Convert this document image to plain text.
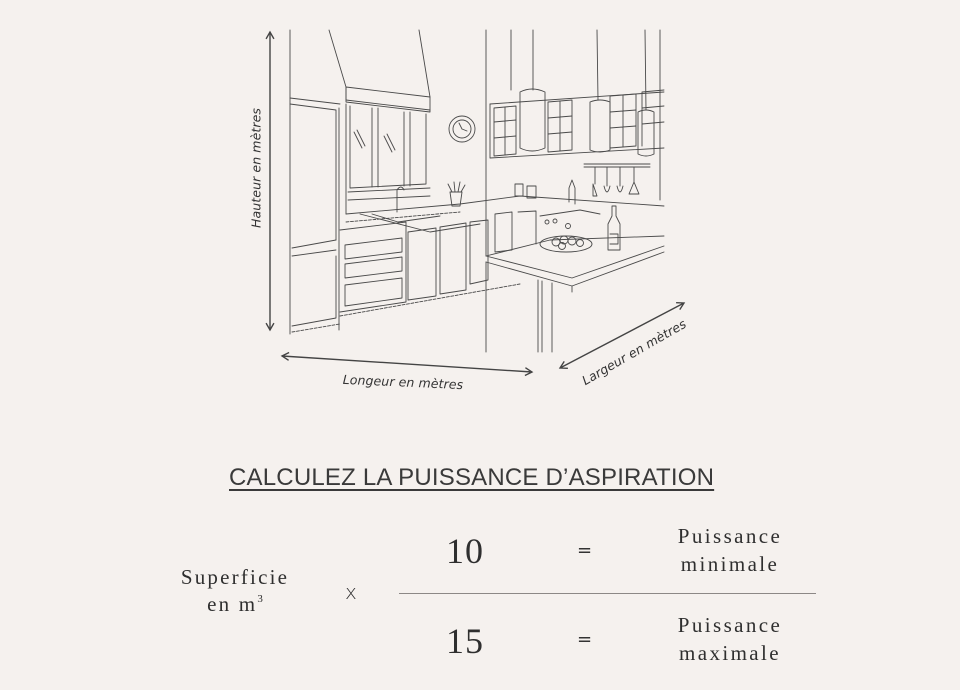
Hauteur en mètres
Longeur en mètres	Largeur en mètres
CALCULEZ LA PUISSANCE D’ASPIRATION
Superficie
en $m^3$	x
10	=
Puissance
minimale
15	=
Puissance
maximale
